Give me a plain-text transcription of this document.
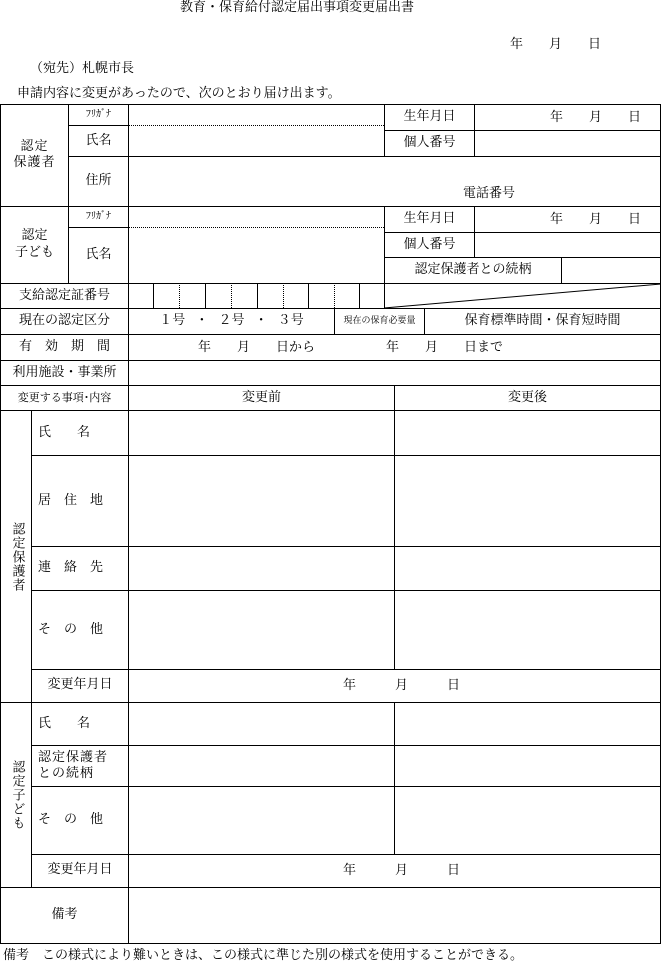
教育・保育給付認定届出事項変更届出書
年　　月　　日
（宛先）札幌市長
申請内容に変更があったので、次のとおり届け出ます。
認定
保護者
ﾌﾘｶﾞﾅ
氏名
住所
生年月日	年　　月　　日
個人番号
電話番号
認定
子ども
ﾌﾘｶﾞﾅ
氏名
生年月日	年　　月　　日
個人番号
認定保護者との続柄
支給認定証番号
現在の認定区分	１号 ・ ２号 ・ ３号	現在の保育必要量	保育標準時間・保育短時間
有　効　期　間	年　　月　　日から	年　　月　　日まで
利用施設・事業所
変更する事項･内容	変更前	変更後
認定保護者
氏　　名
居　住　地
連　絡　先
そ　の　他
変更年月日	年　　　月　　　日
認定子ども
氏　　名
認定保護者
との続柄
そ　の　他
変更年月日	年　　　月　　　日
備考
備考　この様式により難いときは、この様式に準じた別の様式を使用することができる。
